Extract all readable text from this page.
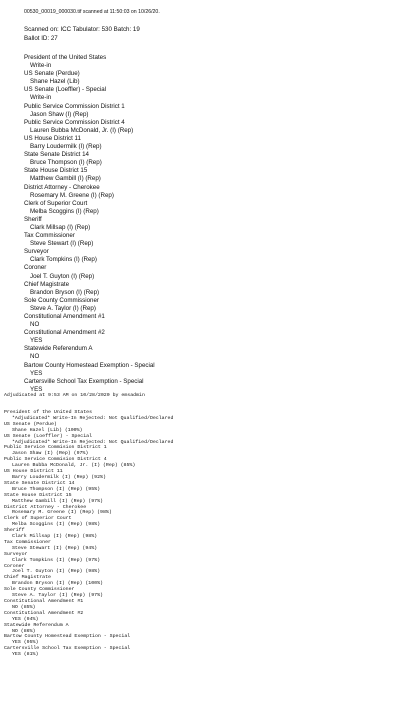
00530_00019_000030.tif scanned at 11:50:03 on 10/26/20.
Scanned on: ICC Tabulator: 530 Batch: 19
Ballot ID: 27
President of the United States
Write-in
US Senate (Perdue)
Shane Hazel (Lib)
US Senate (Loeffler) - Special
Write-in
Public Service Commission District 1
Jason Shaw (I) (Rep)
Public Service Commission District 4
Lauren Bubba McDonald, Jr. (I) (Rep)
US House District 11
Barry Loudermilk (I) (Rep)
State Senate District 14
Bruce Thompson (I) (Rep)
State House District 15
Matthew Gambill (I) (Rep)
District Attorney - Cherokee
Rosemary M. Greene (I) (Rep)
Clerk of Superior Court
Melba Scoggins (I) (Rep)
Sheriff
Clark Millsap (I) (Rep)
Tax Commissioner
Steve Stewart (I) (Rep)
Surveyor
Clark Tompkins (I) (Rep)
Coroner
Joel T. Guyton (I) (Rep)
Chief Magistrate
Brandon Bryson (I) (Rep)
Sole County Commissioner
Steve A. Taylor (I) (Rep)
Constitutional Amendment #1
NO
Constitutional Amendment #2
YES
Statewide Referendum A
NO
Bartow County Homestead Exemption - Special
YES
Cartersville School Tax Exemption - Special
YES
Adjudicated at 9:53 AM on 10/28/2020 by emsadmin
President of the United States
*Adjudicated* Write-In Rejected: Not Qualified/Declared
US Senate (Perdue)
Shane Hazel (Lib) (100%)
US Senate (Loeffler) - Special
*Adjudicated* Write-In Rejected: Not Qualified/Declared
Public Service Commision District 1
Jason Shaw (I) (Rep) (97%)
Public Service Commision District 4
Lauren Bubba McDonald, Jr. (I) (Rep) (85%)
US House District 11
Barry Loudermilk (I) (Rep) (92%)
State Senate District 14
Bruce Thompson (I) (Rep) (95%)
State House District 15
Matthew Gambill (I) (Rep) (97%)
District Attorney - Cherokee
Rosemary M. Greene (I) (Rep) (98%)
Clerk of Superior Court
Melba Scoggins (I) (Rep) (98%)
Sheriff
Clark Millsap (I) (Rep) (98%)
Tax Commissioner
Steve Stewart (I) (Rep) (94%)
Surveyor
Clark Tompkins (I) (Rep) (97%)
Coroner
Joel T. Guyton (I) (Rep) (98%)
Chief Magistrate
Brandon Bryson (I) (Rep) (100%)
Sole County Commissioner
Steve A. Taylor (I) (Rep) (97%)
Constitutional Amendment #1
NO (85%)
Constitutional Amendment #2
YES (94%)
Statewide Referendum A
NO (86%)
Bartow County Homestead Exemption - Special
YES (95%)
Cartersville School Tax Exemption - Special
YES (81%)
